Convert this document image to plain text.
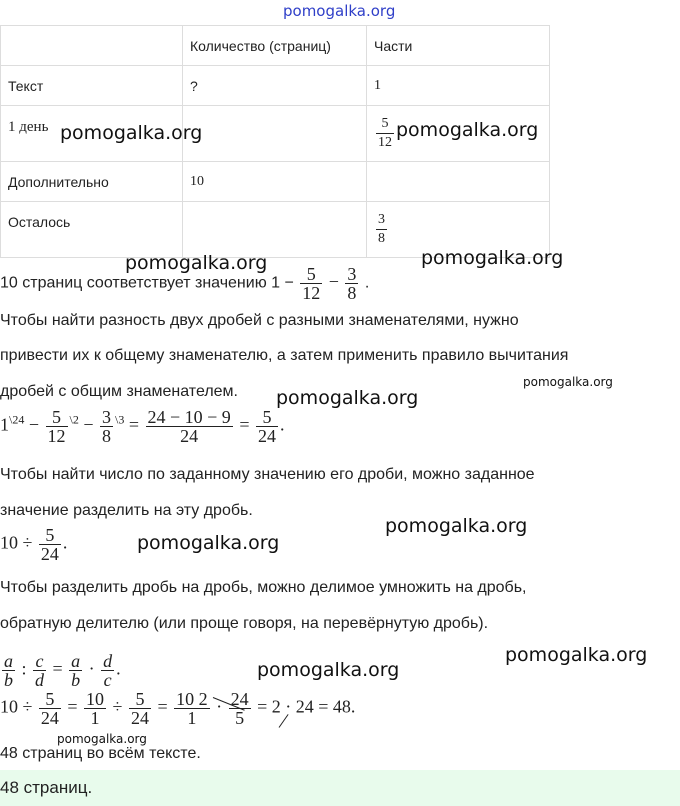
pomogalka.org
	Количество (страниц)	Части
Текст	?	1
1 день		$\frac{5}{12}$

Дополнительно	10	
Осталось		$\frac{3}{8}$
10 страниц соответствует значению $1 - \frac{5}{12} - \frac{3}{8}$ .
Чтобы найти разность двух дробей с разными знаменателями, нужно
привести их к общему знаменателю, а затем применить правило вычитания
дробей с общим знаменателем.
$1^{\backslash 24} - \frac{5}{12} ^{\backslash 2} - \frac{3}{8} ^{\backslash 3} = \frac{24 - 10 - 9}{24} = \frac{5}{24}$ .
Чтобы найти число по заданному значению его дроби, можно заданное
значение разделить на эту дробь.
$10 \div \frac{5}{24}$ .
Чтобы разделить дробь на дробь, можно делимое умножить на дробь,
обратную делителю (или проще говоря, на перевёрнутую дробь).
$\frac{a}{b}$ : $\frac{c}{d} = \frac{a}{b} \cdot \frac{d}{c}$ .
$10 \div \frac{5}{24} = \frac{10}{1} \div \frac{5}{24} = \frac{10 2}{1} \cdot \frac{24}{5} = 2 \cdot 24 = 48$.
48 страниц во всём тексте.
48 страниц.
pomogalka.org	pomogalka.org
pomogalka.org	pomogalka.org
pomogalka.org
pomogalka.org
pomogalka.org
pomogalka.org
pomogalka.org
pomogalka.org
pomogalka.org
